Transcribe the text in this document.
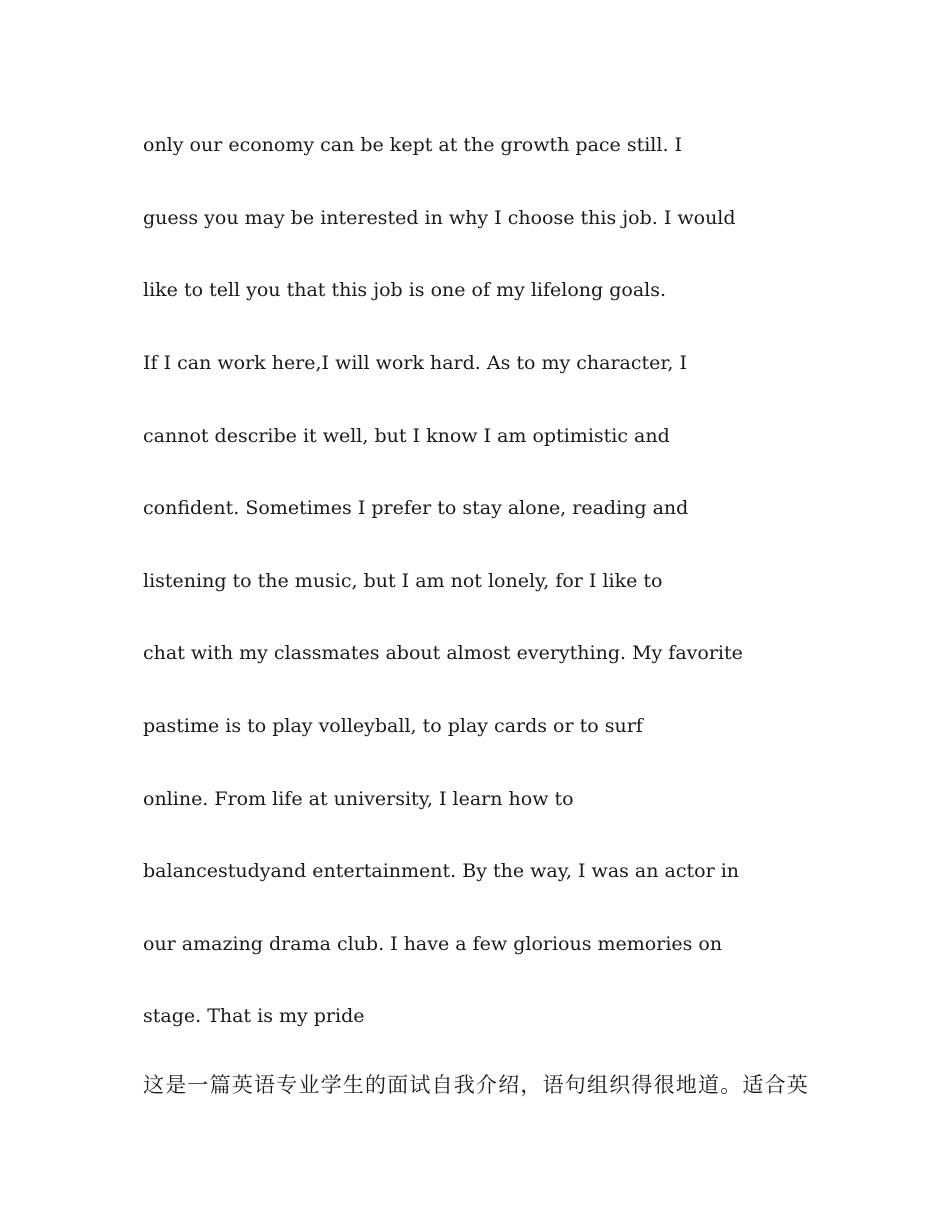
only our economy can be kept at the growth pace still. I

guess you may be interested in why I choose this job. I would

like to tell you that this job is one of my lifelong goals.

If I can work here,I will work hard. As to my character, I

cannot describe it well, but I know I am optimistic and

confident. Sometimes I prefer to stay alone, reading and

listening to the music, but I am not lonely, for I like to

chat with my classmates about almost everything. My favorite

pastime is to play volleyball, to play cards or to surf

online. From life at university, I learn how to

balancestudyand entertainment. By the way, I was an actor in

our amazing drama club. I have a few glorious memories on

stage. That is my pride

这是一篇英语专业学生的面试自我介绍，语句组织得很地道。适合英
